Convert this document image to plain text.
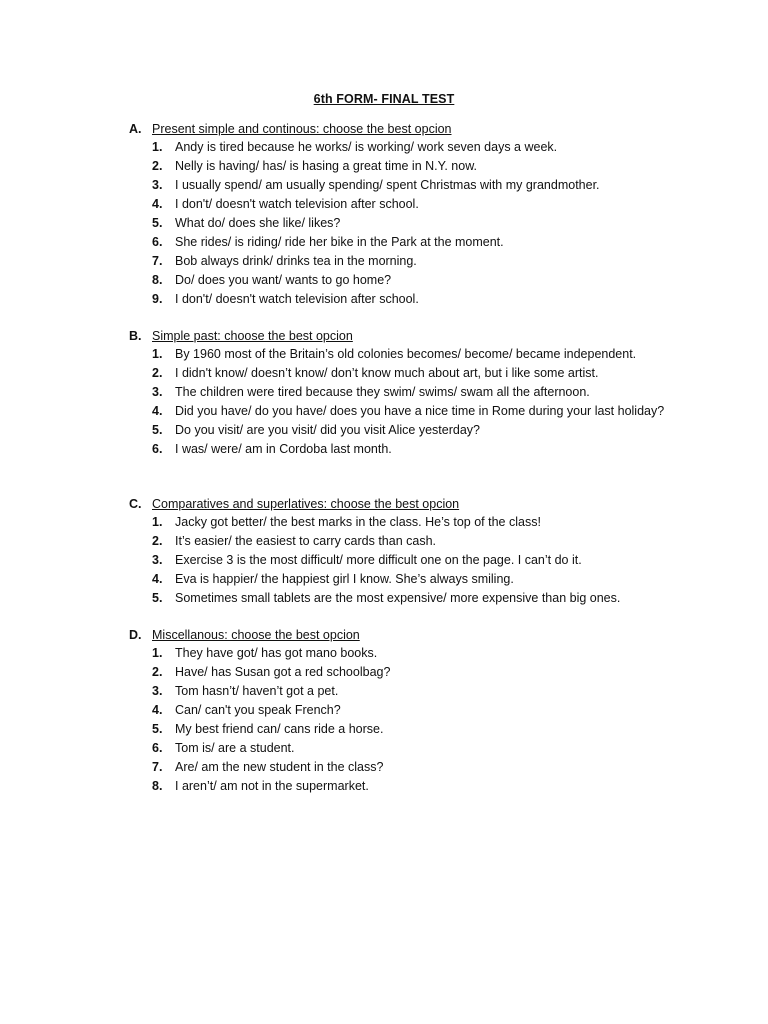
6th FORM- FINAL TEST
A. Present simple and continous: choose the best opcion
1. Andy is tired because he works/ is working/ work seven days a week.
2. Nelly is having/ has/ is hasing a great time in N.Y. now.
3. I usually spend/ am usually spending/ spent Christmas with my grandmother.
4. I don't/ doesn't watch television after school.
5. What do/ does she like/ likes?
6. She rides/ is riding/ ride her bike in the Park at the moment.
7. Bob always drink/ drinks tea in the morning.
8. Do/ does you want/ wants to go home?
9. I don't/ doesn't watch television after school.
B. Simple past: choose the best opcion
1. By 1960 most of the Britain’s old colonies becomes/ become/ became independent.
2. I didn't know/ doesn’t know/ don’t know much about art, but i like some artist.
3. The children were tired because they swim/ swims/ swam all the afternoon.
4. Did you have/ do you have/ does you have a nice time in Rome during your last holiday?
5. Do you visit/ are you visit/ did you visit Alice yesterday?
6. I was/ were/ am in Cordoba last month.
C. Comparatives and superlatives: choose the best opcion
1. Jacky got better/ the best marks in the class. He’s top of the class!
2. It’s easier/ the easiest to carry cards than cash.
3. Exercise 3 is the most difficult/ more difficult one on the page. I can’t do it.
4. Eva is happier/ the happiest girl I know. She’s always smiling.
5. Sometimes small tablets are the most expensive/ more expensive than big ones.
D. Miscellanous: choose the best opcion
1. They have got/ has got mano books.
2. Have/ has Susan got a red schoolbag?
3. Tom hasn’t/ haven’t got a pet.
4. Can/ can't you speak French?
5. My best friend can/ cans ride a horse.
6. Tom is/ are a student.
7. Are/ am the new student in the class?
8. I aren’t/ am not in the supermarket.
